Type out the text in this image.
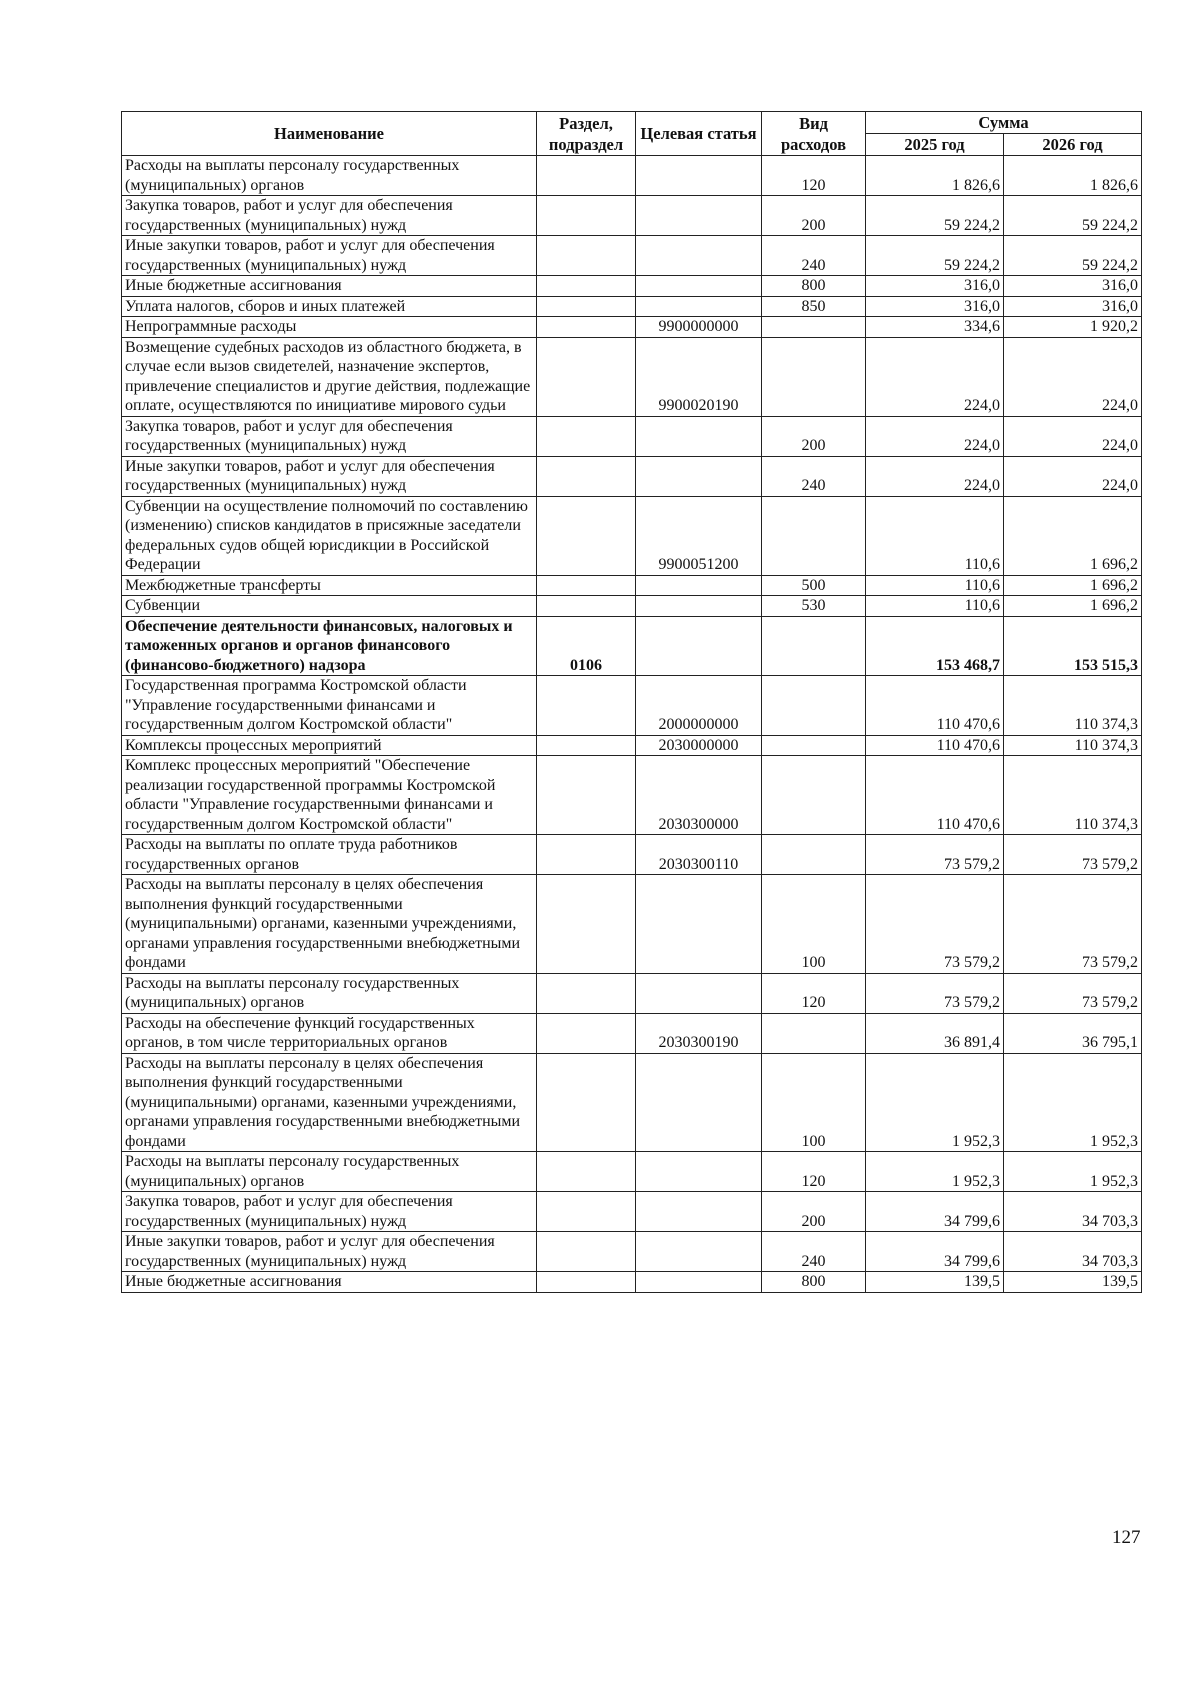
Наименование	Раздел, подраздел	Целевая статья	Вид расходов	Сумма	
				2025 год	2026 год
Расходы на выплаты персоналу государственных (муниципальных) органов			120	1 826,6	1 826,6
Закупка товаров, работ и услуг для обеспечения государственных (муниципальных) нужд			200	59 224,2	59 224,2
Иные закупки товаров, работ и услуг для обеспечения государственных (муниципальных) нужд			240	59 224,2	59 224,2
Иные бюджетные ассигнования			800	316,0	316,0
Уплата налогов, сборов и иных платежей			850	316,0	316,0
Непрограммные расходы		9900000000		334,6	1 920,2
Возмещение судебных расходов из областного бюджета, в случае если вызов свидетелей, назначение экспертов, привлечение специалистов и другие действия, подлежащие оплате, осуществляются по инициативе мирового судьи		9900020190		224,0	224,0
Закупка товаров, работ и услуг для обеспечения государственных (муниципальных) нужд			200	224,0	224,0
Иные закупки товаров, работ и услуг для обеспечения государственных (муниципальных) нужд			240	224,0	224,0
Субвенции на осуществление полномочий по составлению (изменению) списков кандидатов в присяжные заседатели федеральных судов общей юрисдикции в Российской Федерации		9900051200		110,6	1 696,2
Межбюджетные трансферты			500	110,6	1 696,2
Субвенции			530	110,6	1 696,2
Обеспечение деятельности финансовых, налоговых и таможенных органов и органов финансового (финансово-бюджетного) надзора	0106			153 468,7	153 515,3
Государственная программа Костромской области "Управление государственными финансами и государственным долгом Костромской области"		2000000000		110 470,6	110 374,3
Комплексы процессных мероприятий		2030000000		110 470,6	110 374,3
Комплекс процессных мероприятий "Обеспечение реализации государственной программы Костромской области "Управление государственными финансами и государственным долгом Костромской области"		2030300000		110 470,6	110 374,3
Расходы на выплаты по оплате труда работников государственных органов		2030300110		73 579,2	73 579,2
Расходы на выплаты персоналу в целях обеспечения выполнения функций государственными (муниципальными) органами, казенными учреждениями, органами управления государственными внебюджетными фондами			100	73 579,2	73 579,2
Расходы на выплаты персоналу государственных (муниципальных) органов			120	73 579,2	73 579,2
Расходы на обеспечение функций государственных органов, в том числе территориальных органов		2030300190		36 891,4	36 795,1
Расходы на выплаты персоналу в целях обеспечения выполнения функций государственными (муниципальными) органами, казенными учреждениями, органами управления государственными внебюджетными фондами			100	1 952,3	1 952,3
Расходы на выплаты персоналу государственных (муниципальных) органов			120	1 952,3	1 952,3
Закупка товаров, работ и услуг для обеспечения государственных (муниципальных) нужд			200	34 799,6	34 703,3
Иные закупки товаров, работ и услуг для обеспечения государственных (муниципальных) нужд			240	34 799,6	34 703,3
Иные бюджетные ассигнования			800	139,5	139,5
127
